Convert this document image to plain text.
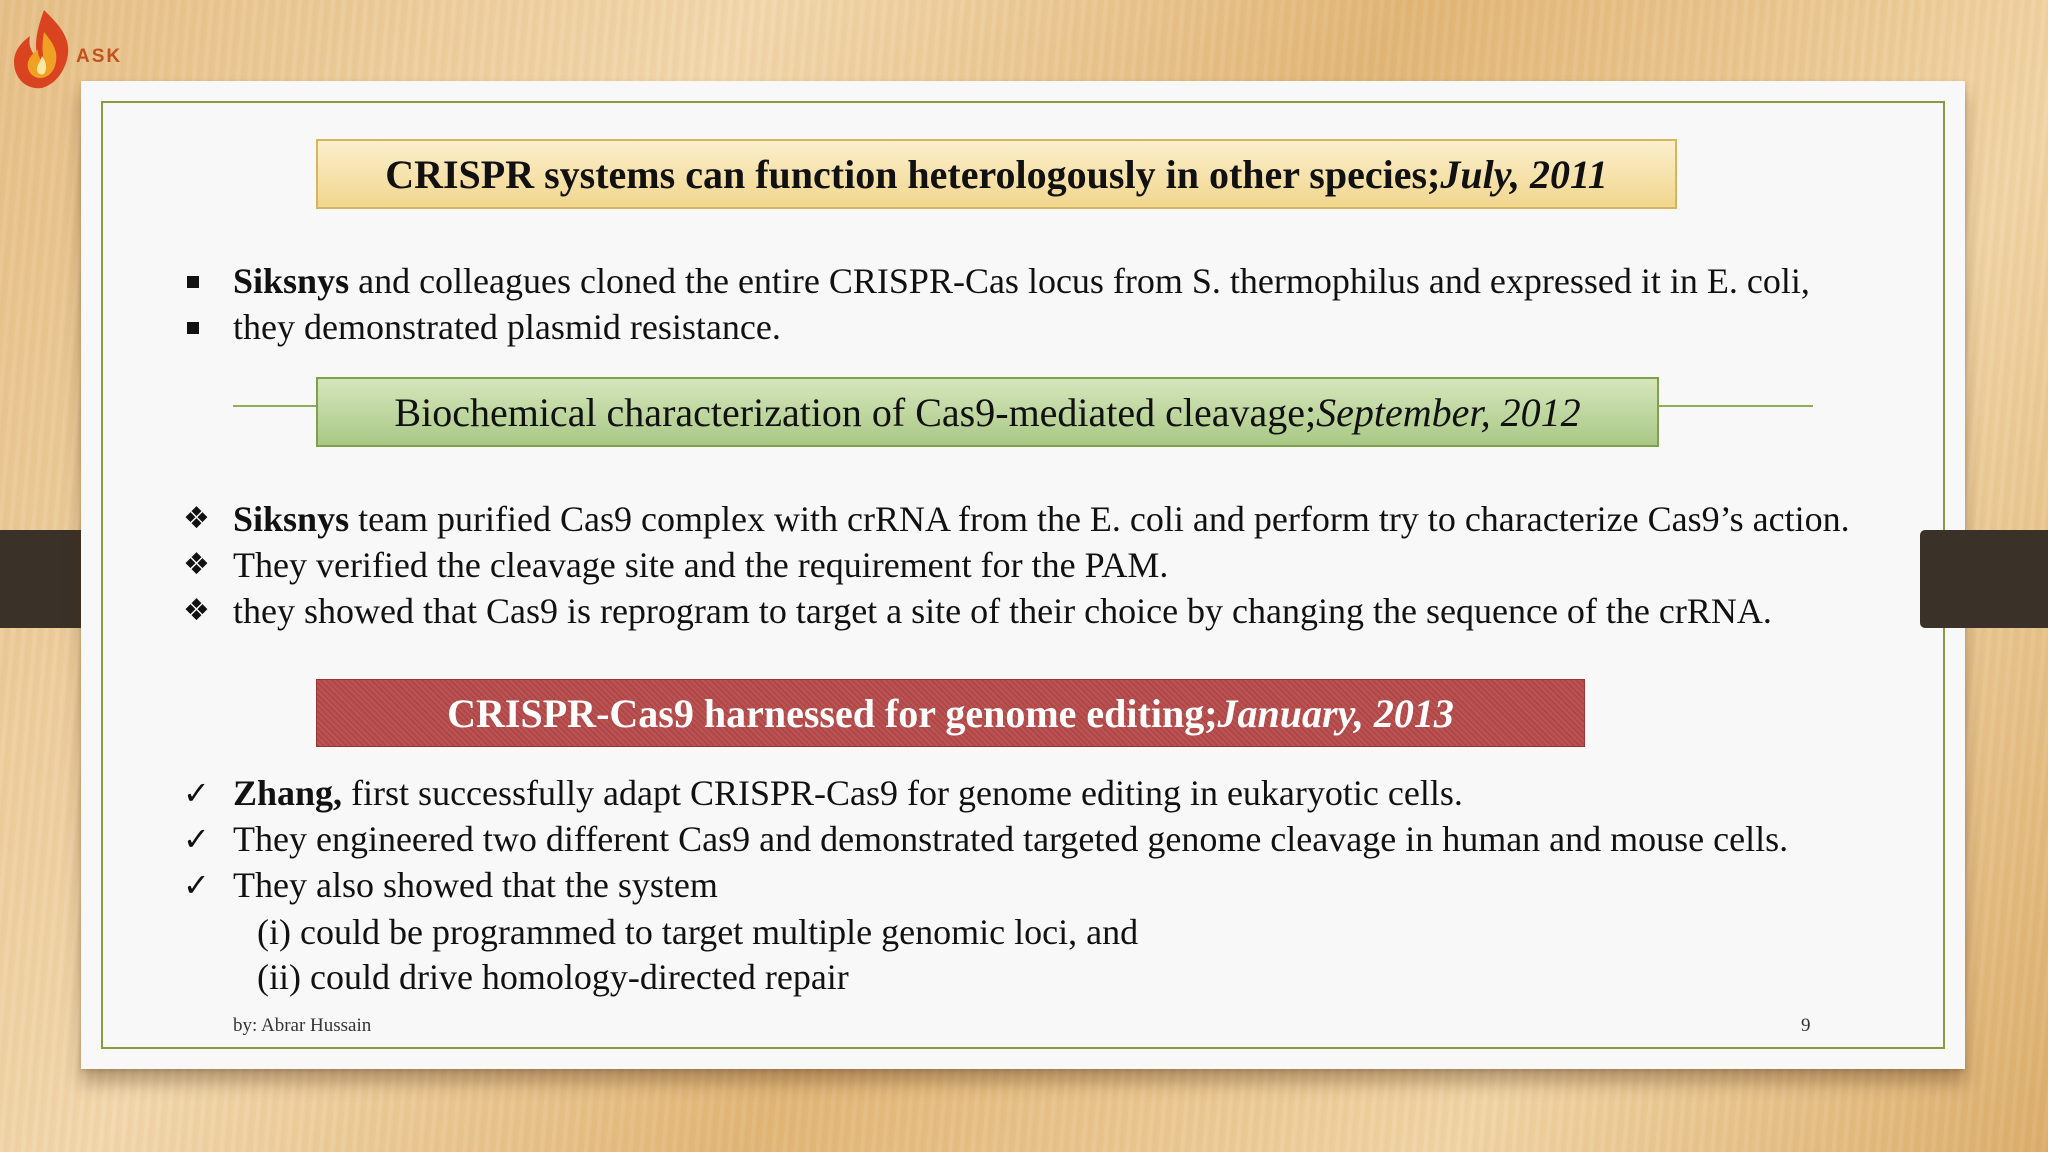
ASK
CRISPR systems can function heterologously in other species; July, 2011
Siksnys and colleagues cloned the entire CRISPR-Cas locus from S. thermophilus and expressed it in E. coli,
they demonstrated plasmid resistance.
Biochemical characterization of Cas9-mediated cleavage; September, 2012
❖ Siksnys team purified Cas9 complex with crRNA from the E. coli and perform try to characterize Cas9’s action.
❖ They verified the cleavage site and the requirement for the PAM.
❖ they showed that Cas9 is reprogram to target a site of their choice by changing the sequence of the crRNA.
CRISPR-Cas9 harnessed for genome editing; January, 2013
✓ Zhang, first successfully adapt CRISPR-Cas9 for genome editing in eukaryotic cells.
✓ They engineered two different Cas9 and demonstrated targeted genome cleavage in human and mouse cells.
✓ They also showed that the system
(i) could be programmed to target multiple genomic loci, and
(ii) could drive homology-directed repair
by: Abrar Hussain	9
